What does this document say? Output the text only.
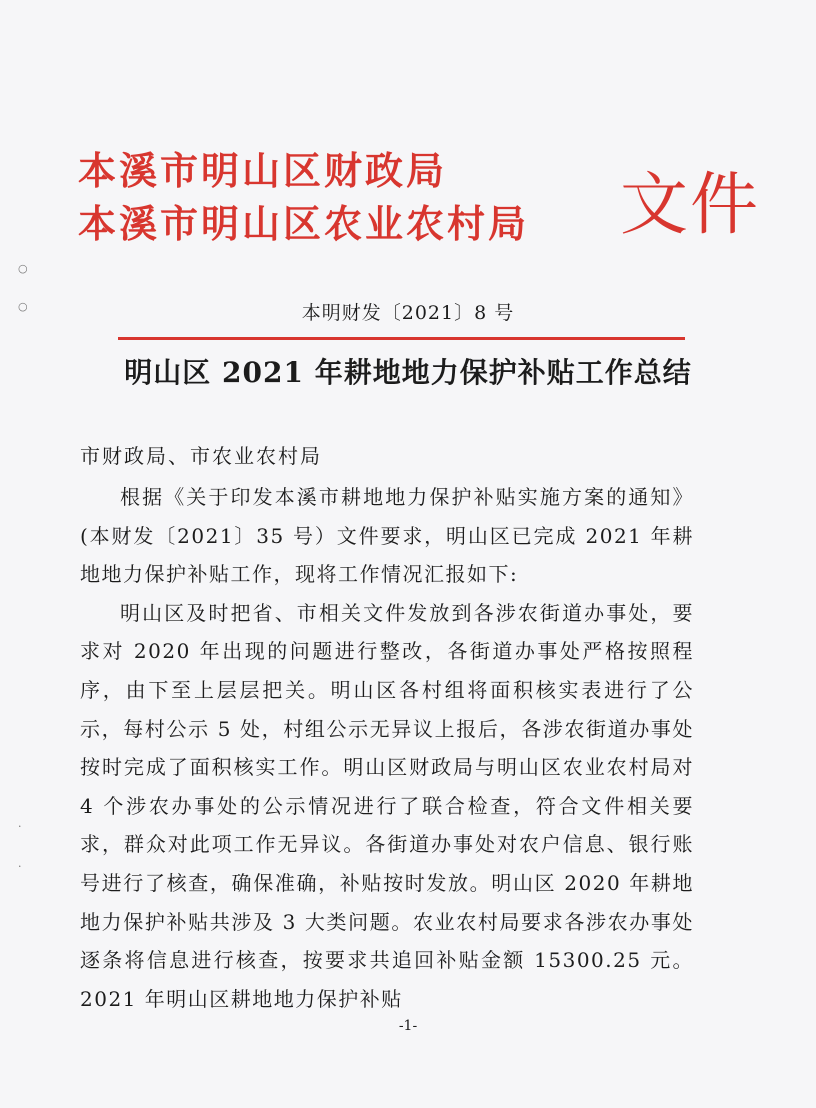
本溪市明山区财政局

本溪市明山区农业农村局 文件

本明财发〔2021〕8 号
明山区 2021 年耕地地力保护补贴工作总结
市财政局、市农业农村局

根据《关于印发本溪市耕地地力保护补贴实施方案的通知》(本财发〔2021〕35 号）文件要求，明山区已完成 2021 年耕地地力保护补贴工作，现将工作情况汇报如下:

明山区及时把省、市相关文件发放到各涉农街道办事处，要求对 2020 年出现的问题进行整改，各街道办事处严格按照程序，由下至上层层把关。明山区各村组将面积核实表进行了公示，每村公示 5 处，村组公示无异议上报后，各涉农街道办事处按时完成了面积核实工作。明山区财政局与明山区农业农村局对 4 个涉农办事处的公示情况进行了联合检查，符合文件相关要求，群众对此项工作无异议。各街道办事处对农户信息、银行账号进行了核查，确保准确，补贴按时发放。明山区 2020 年耕地地力保护补贴共涉及 3 大类问题。农业农村局要求各涉农办事处逐条将信息进行核查，按要求共追回补贴金额 15300.25 元。2021 年明山区耕地地力保护补贴

-1-
○
○
·
·
